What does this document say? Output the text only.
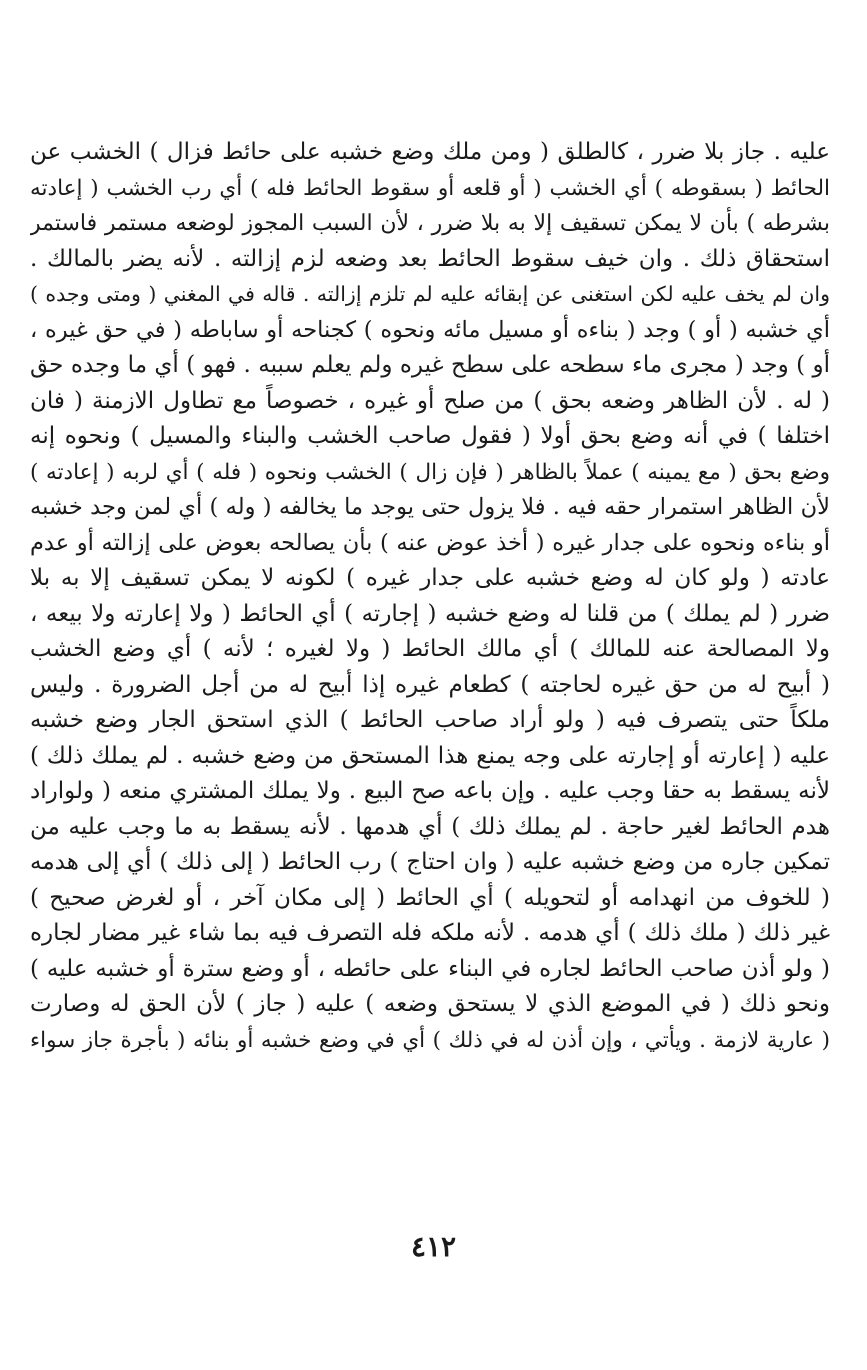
عليه . جاز بلا ضرر ، كالطلق ( ومن ملك وضع خشبه على حائط فزال ) الخشب عن
الحائط ( بسقوطه ) أي الخشب ( أو قلعه أو سقوط الحائط فله ) أي رب الخشب ( إعادته
بشرطه ) بأن لا يمكن تسقيف إلا به بلا ضرر ، لأن السبب المجوز لوضعه مستمر فاستمر
استحقاق ذلك . وان خيف سقوط الحائط بعد وضعه لزم إزالته . لأنه يضر بالمالك .
وان لم يخف عليه لكن استغنى عن إبقائه عليه لم تلزم إزالته . قاله في المغني ( ومتى وجده )
أي خشبه ( أو ) وجد ( بناءه أو مسيل مائه ونحوه ) كجناحه أو ساباطه ( في حق غيره ،
أو ) وجد ( مجرى ماء سطحه على سطح غيره ولم يعلم سببه . فهو ) أي ما وجده حق
( له . لأن الظاهر وضعه بحق ) من صلح أو غيره ، خصوصاً مع تطاول الازمنة ( فان
اختلفا ) في أنه وضع بحق أولا ( فقول صاحب الخشب والبناء والمسيل ) ونحوه إنه
وضع بحق ( مع يمينه ) عملاً بالظاهر ( فإن زال ) الخشب ونحوه ( فله ) أي لربه ( إعادته )
لأن الظاهر استمرار حقه فيه . فلا يزول حتى يوجد ما يخالفه ( وله ) أي لمن وجد خشبه
أو بناءه ونحوه على جدار غيره ( أخذ عوض عنه ) بأن يصالحه بعوض على إزالته أو عدم
عادته ( ولو كان له وضع خشبه على جدار غيره ) لكونه لا يمكن تسقيف إلا به بلا
ضرر ( لم يملك ) من قلنا له وضع خشبه ( إجارته ) أي الحائط ( ولا إعارته ولا بيعه ،
ولا المصالحة عنه للمالك ) أي مالك الحائط ( ولا لغيره ؛ لأنه ) أي وضع الخشب
( أبيح له من حق غيره لحاجته ) كطعام غيره إذا أبيح له من أجل الضرورة . وليس
ملكاً حتى يتصرف فيه ( ولو أراد صاحب الحائط ) الذي استحق الجار وضع خشبه
عليه ( إعارته أو إجارته على وجه يمنع هذا المستحق من وضع خشبه . لم يملك ذلك )
لأنه يسقط به حقا وجب عليه . وإن باعه صح البيع . ولا يملك المشتري منعه ( ولواراد
هدم الحائط لغير حاجة . لم يملك ذلك ) أي هدمها . لأنه يسقط به ما وجب عليه من
تمكين جاره من وضع خشبه عليه ( وان احتاج ) رب الحائط ( إلى ذلك ) أي إلى هدمه
( للخوف من انهدامه أو لتحويله ) أي الحائط ( إلى مكان آخر ، أو لغرض صحيح )
غير ذلك ( ملك ذلك ) أي هدمه . لأنه ملكه فله التصرف فيه بما شاء غير مضار لجاره
( ولو أذن صاحب الحائط لجاره في البناء على حائطه ، أو وضع سترة أو خشبه عليه )
ونحو ذلك ( في الموضع الذي لا يستحق وضعه ) عليه ( جاز ) لأن الحق له وصارت
( عارية لازمة . ويأتي ، وإن أذن له في ذلك ) أي في وضع خشبه أو بنائه ( بأجرة جاز سواء
٤١٢
